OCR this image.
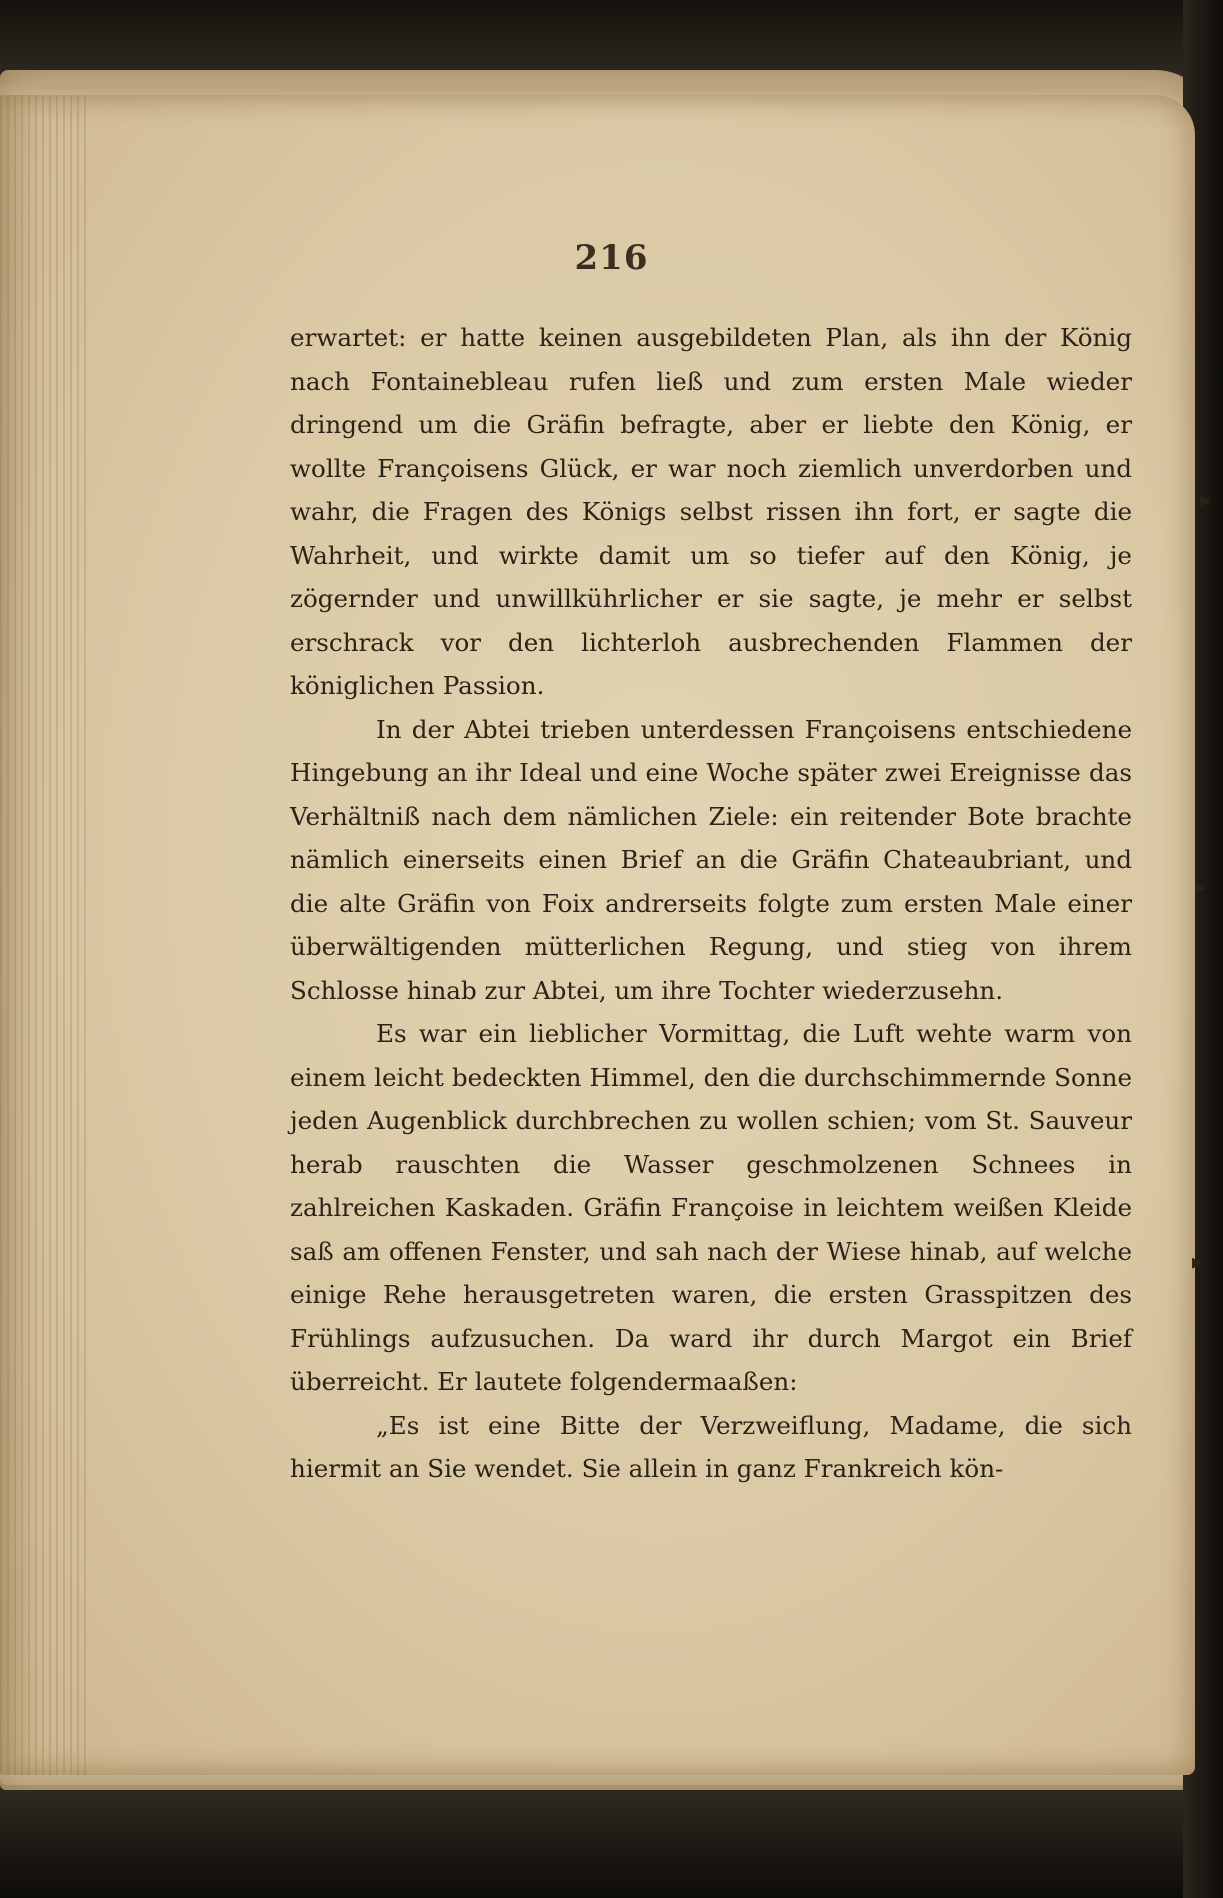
216

erwartet: er hatte keinen ausgebildeten Plan, als ihn der König nach Fontainebleau rufen ließ und zum ersten Male wieder dringend um die Gräfin befragte, aber er liebte den König, er wollte Françoisens Glück, er war noch ziemlich unverdorben und wahr, die Fragen des Königs selbst rissen ihn fort, er sagte die Wahrheit, und wirkte damit um so tiefer auf den König, je zögernder und unwillkührlicher er sie sagte, je mehr er selbst erschrack vor den lichterloh ausbrechenden Flammen der königlichen Passion.

In der Abtei trieben unterdessen Françoisens entschiedene Hingebung an ihr Ideal und eine Woche später zwei Ereignisse das Verhältniß nach dem nämlichen Ziele: ein reitender Bote brachte nämlich einerseits einen Brief an die Gräfin Chateaubriant, und die alte Gräfin von Foix andrerseits folgte zum ersten Male einer überwältigenden mütterlichen Regung, und stieg von ihrem Schlosse hinab zur Abtei, um ihre Tochter wiederzusehn.

Es war ein lieblicher Vormittag, die Luft wehte warm von einem leicht bedeckten Himmel, den die durchschimmernde Sonne jeden Augenblick durchbrechen zu wollen schien; vom St. Sauveur herab rauschten die Wasser geschmolzenen Schnees in zahlreichen Kaskaden. Gräfin Françoise in leichtem weißen Kleide saß am offenen Fenster, und sah nach der Wiese hinab, auf welche einige Rehe herausgetreten waren, die ersten Grasspitzen des Frühlings aufzusuchen. Da ward ihr durch Margot ein Brief überreicht. Er lautete folgendermaaßen:

„Es ist eine Bitte der Verzweiflung, Madame, die sich hiermit an Sie wendet. Sie allein in ganz Frankreich kön-

▸
▸
▸
